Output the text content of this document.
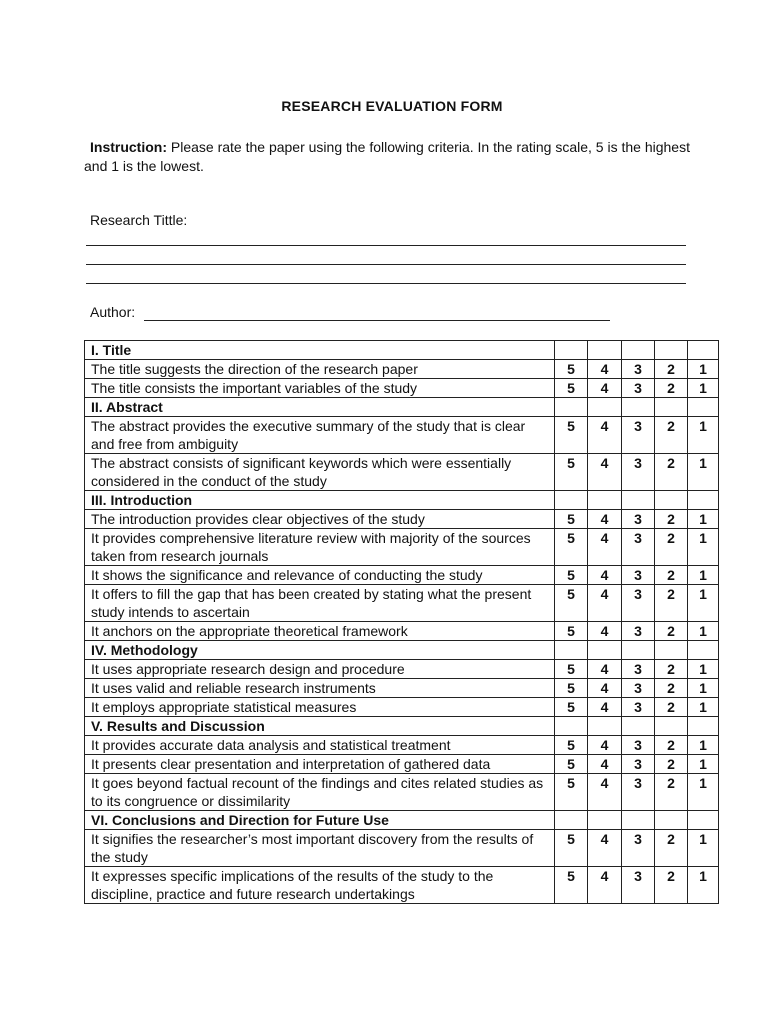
RESEARCH EVALUATION FORM
Instruction: Please rate the paper using the following criteria. In the rating scale, 5 is the highest and 1 is the lowest.
Research Tittle:
Author:
I. Title					
The title suggests the direction of the research paper	5	4	3	2	1
The title consists the important variables of the study	5	4	3	2	1
II. Abstract					
The abstract provides the executive summary of the study that is clear and free from ambiguity	5	4	3	2	1
The abstract consists of significant keywords which were essentially considered in the conduct of the study	5	4	3	2	1
III. Introduction					
The introduction provides clear objectives of the study	5	4	3	2	1
It provides comprehensive literature review with majority of the sources taken from research journals	5	4	3	2	1
It shows the significance and relevance of conducting the study	5	4	3	2	1
It offers to fill the gap that has been created by stating what the present study intends to ascertain	5	4	3	2	1
It anchors on the appropriate theoretical framework	5	4	3	2	1
IV. Methodology					
It uses appropriate research design and procedure	5	4	3	2	1
It uses valid and reliable research instruments	5	4	3	2	1
It employs appropriate statistical measures	5	4	3	2	1
V. Results and Discussion					
It provides accurate data analysis and statistical treatment	5	4	3	2	1
It presents clear presentation and interpretation of gathered data	5	4	3	2	1
It goes beyond factual recount of the findings and cites related studies as to its congruence or dissimilarity	5	4	3	2	1
VI. Conclusions and Direction for Future Use					
It signifies the researcher’s most important discovery from the results of the study	5	4	3	2	1
It expresses specific implications of the results of the study to the discipline, practice and future research undertakings	5	4	3	2	1
